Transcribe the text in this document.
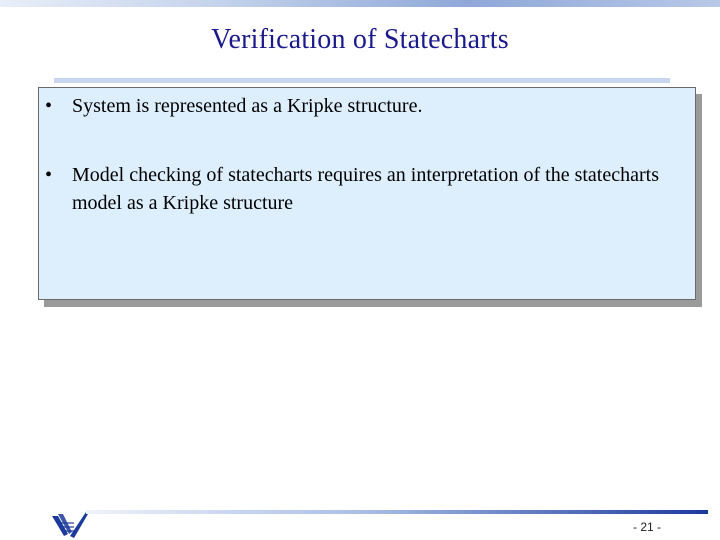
Verification of Statecharts
• System is represented as a Kripke structure.
• Model checking of statecharts requires an interpretation of the statecharts model as a Kripke structure
- 21 -
